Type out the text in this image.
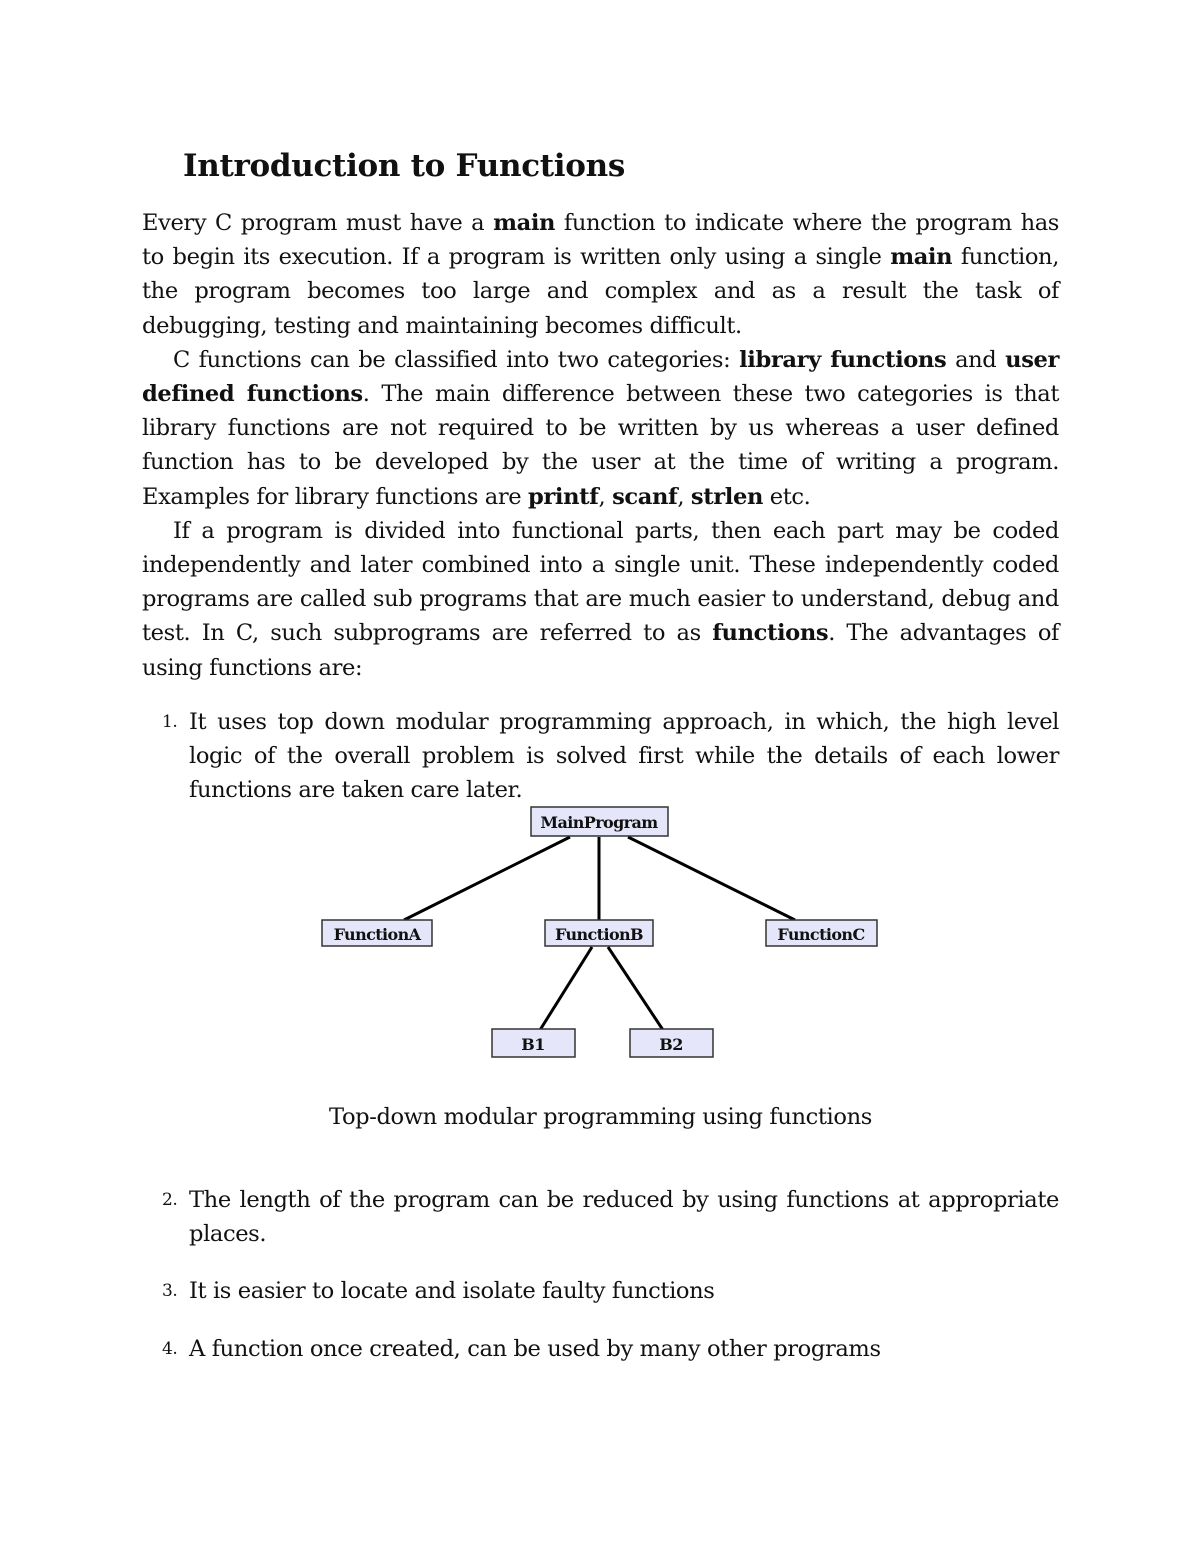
Introduction to Functions

Every C program must have a main function to indicate where the program has to begin its execution. If a program is written only using a single main function, the program becomes too large and complex and as a result the task of debugging, testing and maintaining becomes difficult.

C functions can be classified into two categories: library functions and user defined functions. The main difference between these two categories is that library functions are not required to be written by us whereas a user defined function has to be developed by the user at the time of writing a program. Examples for library functions are printf, scanf, strlen etc.

If a program is divided into functional parts, then each part may be coded independently and later combined into a single unit. These independently coded programs are called sub programs that are much easier to understand, debug and test. In C, such subprograms are referred to as functions. The advantages of using functions are:

1. It uses top down modular programming approach, in which, the high level logic of the overall problem is solved first while the details of each lower functions are taken care later.
MainProgram
FunctionA	FunctionB	FunctionC
B1	B2
Top-down modular programming using functions
2. The length of the program can be reduced by using functions at appropriate places.
3. It is easier to locate and isolate faulty functions
4. A function once created, can be used by many other programs
